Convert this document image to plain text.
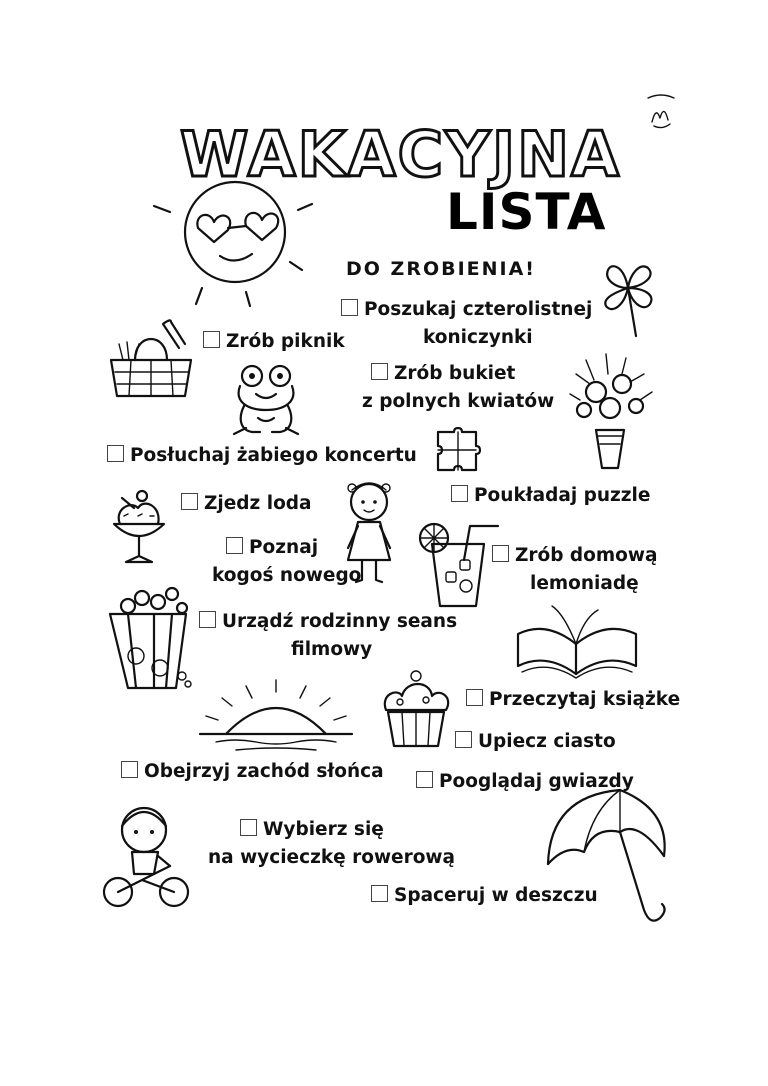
WAKACYJNA
LISTA
DO ZROBIENIA!
Poszukaj czterolistnej
koniczynki
Zrób piknik
Zrób bukiet
z polnych kwiatów
Posłuchaj żabiego koncertu
Zjedz loda	Poukładaj puzzle
Poznaj
kogoś nowego
Zrób domową
lemoniadę
Urządź rodzinny seans
filmowy
Przeczytaj książke
Upiecz ciasto
Obejrzyj zachód słońca	Pooglądaj gwiazdy
Wybierz się
na wycieczkę rowerową
Spaceruj w deszczu
